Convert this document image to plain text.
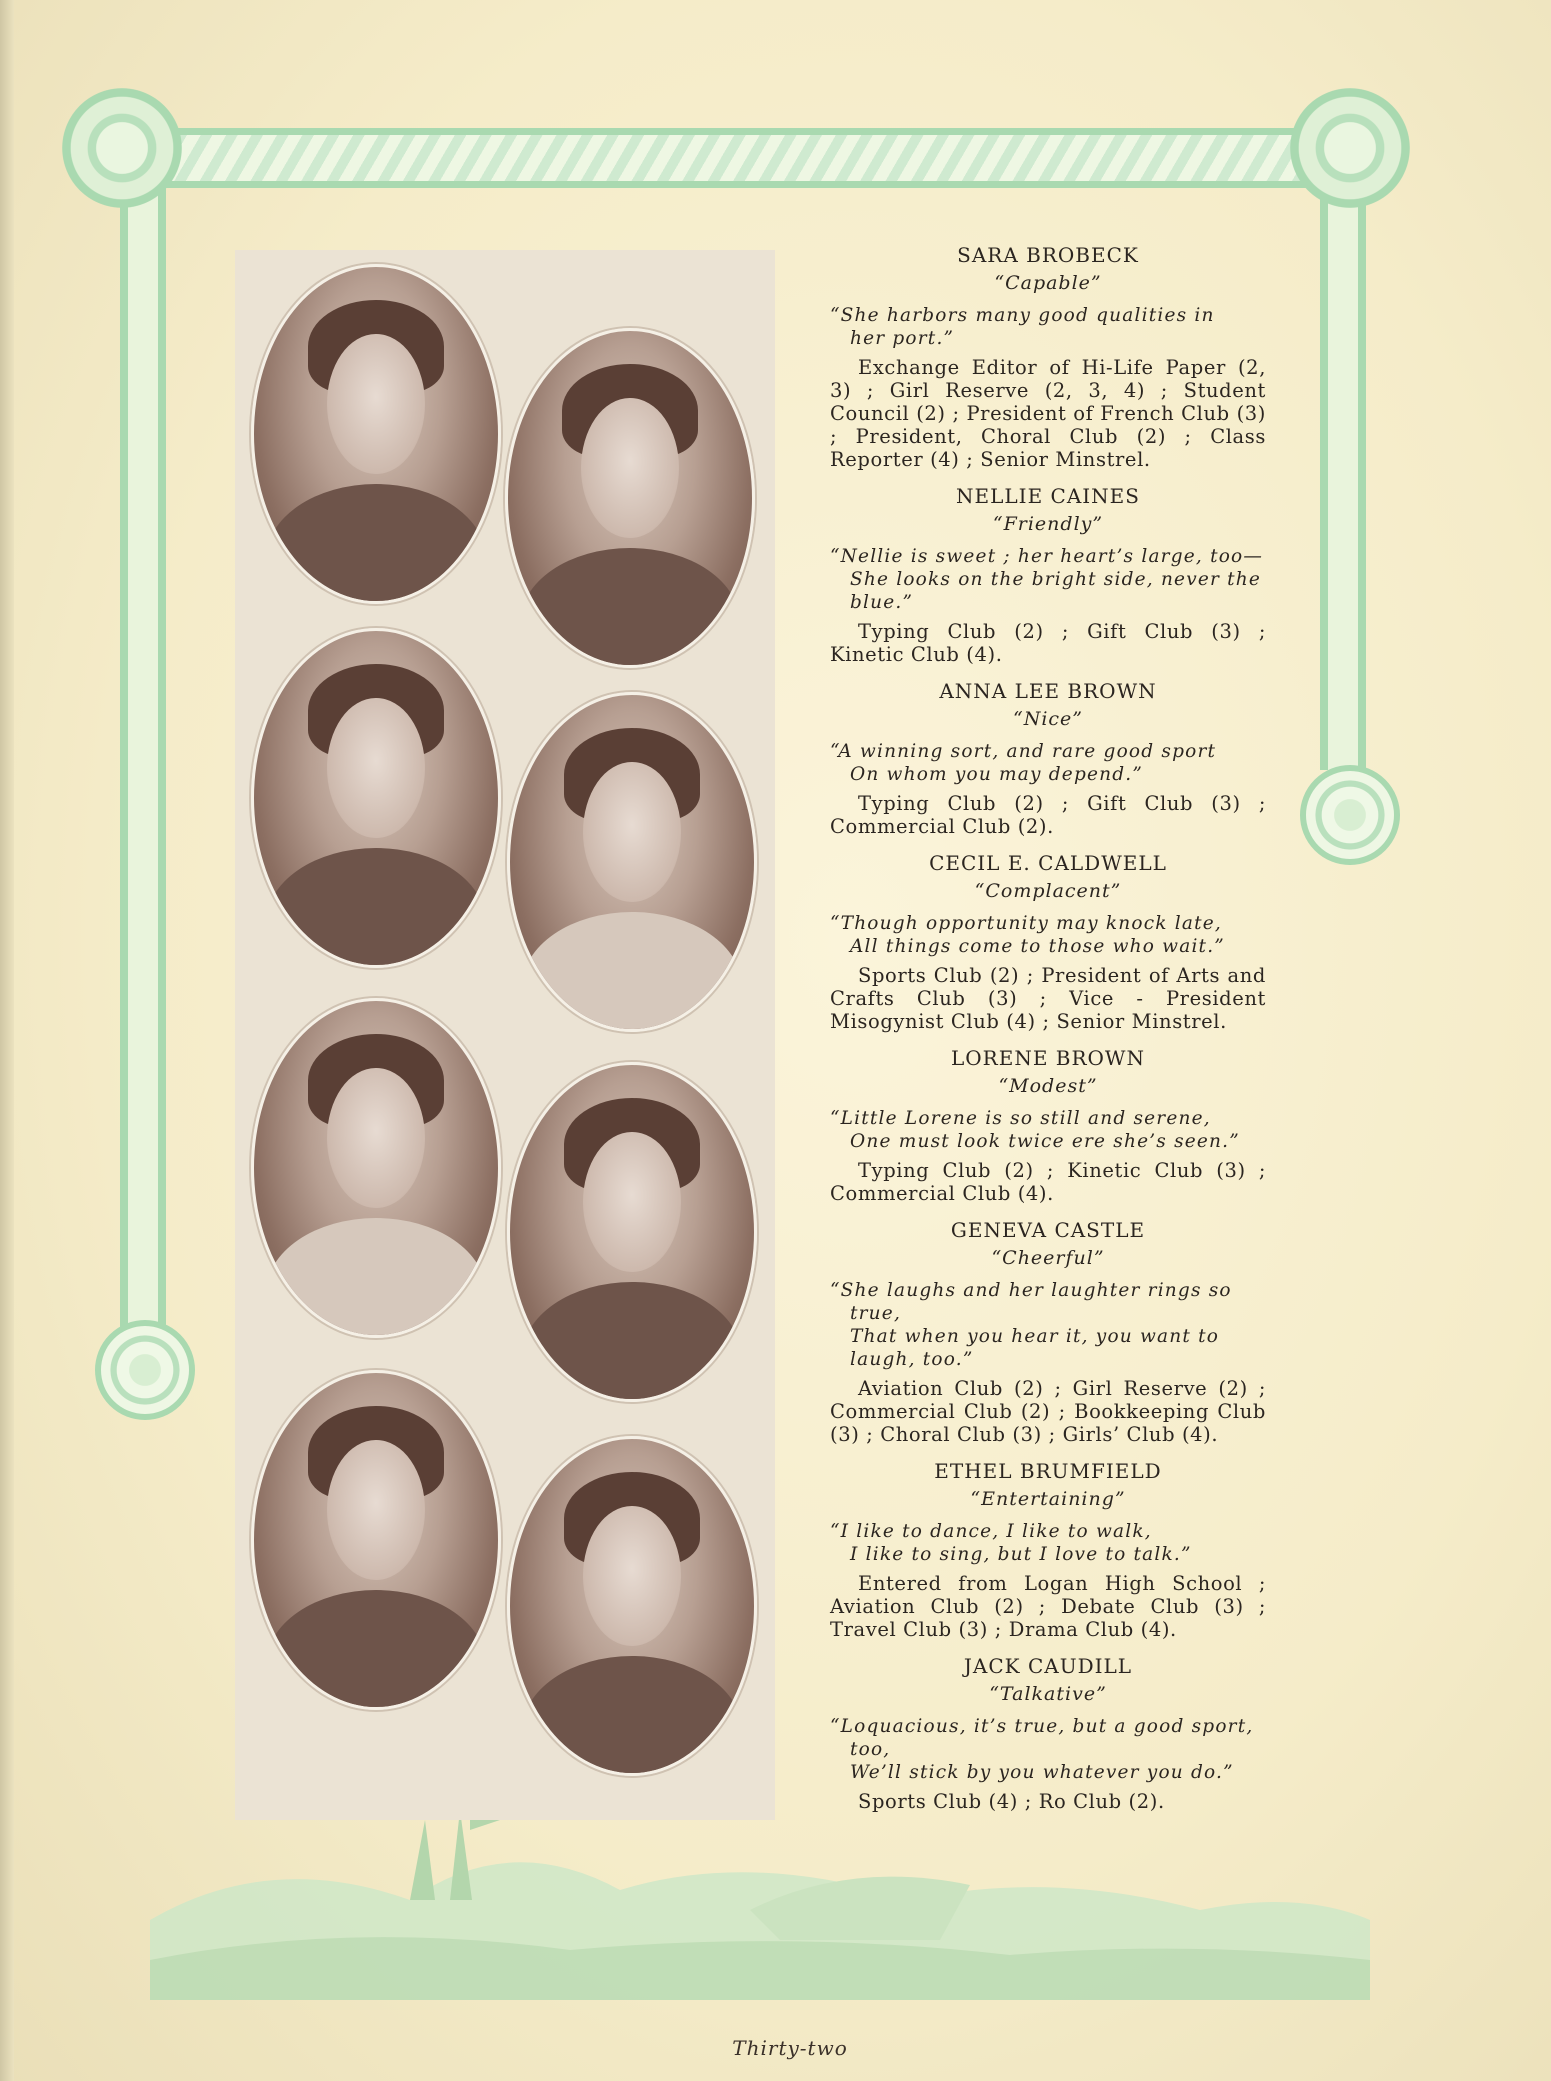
SARA BROBECK
“Capable”
“She harbors many good qualities in
her port.”
Exchange Editor of Hi-Life Paper (2, 3) ; Girl Reserve (2, 3, 4) ; Student Council (2) ; President of French Club (3) ; President, Choral Club (2) ; Class Reporter (4) ; Senior Minstrel.
NELLIE CAINES
“Friendly”
“Nellie is sweet ; her heart’s large, too—
She looks on the bright side, never the
blue.”
Typing Club (2) ; Gift Club (3) ; Kinetic Club (4).
ANNA LEE BROWN
“Nice”
“A winning sort, and rare good sport
On whom you may depend.”
Typing Club (2) ; Gift Club (3) ; Commercial Club (2).
CECIL E. CALDWELL
“Complacent”
“Though opportunity may knock late,
All things come to those who wait.”
Sports Club (2) ; President of Arts and Crafts Club (3) ; Vice - President Misogynist Club (4) ; Senior Minstrel.
LORENE BROWN
“Modest”
“Little Lorene is so still and serene,
One must look twice ere she’s seen.”
Typing Club (2) ; Kinetic Club (3) ; Commercial Club (4).
GENEVA CASTLE
“Cheerful”
“She laughs and her laughter rings so
true,
That when you hear it, you want to
laugh, too.”
Aviation Club (2) ; Girl Reserve (2) ; Commercial Club (2) ; Bookkeeping Club (3) ; Choral Club (3) ; Girls’ Club (4).
ETHEL BRUMFIELD
“Entertaining”
“I like to dance, I like to walk,
I like to sing, but I love to talk.”
Entered from Logan High School ; Aviation Club (2) ; Debate Club (3) ; Travel Club (3) ; Drama Club (4).
JACK CAUDILL
“Talkative”
“Loquacious, it’s true, but a good sport,
too,
We’ll stick by you whatever you do.”
Sports Club (4) ; Ro Club (2).
Thirty-two
